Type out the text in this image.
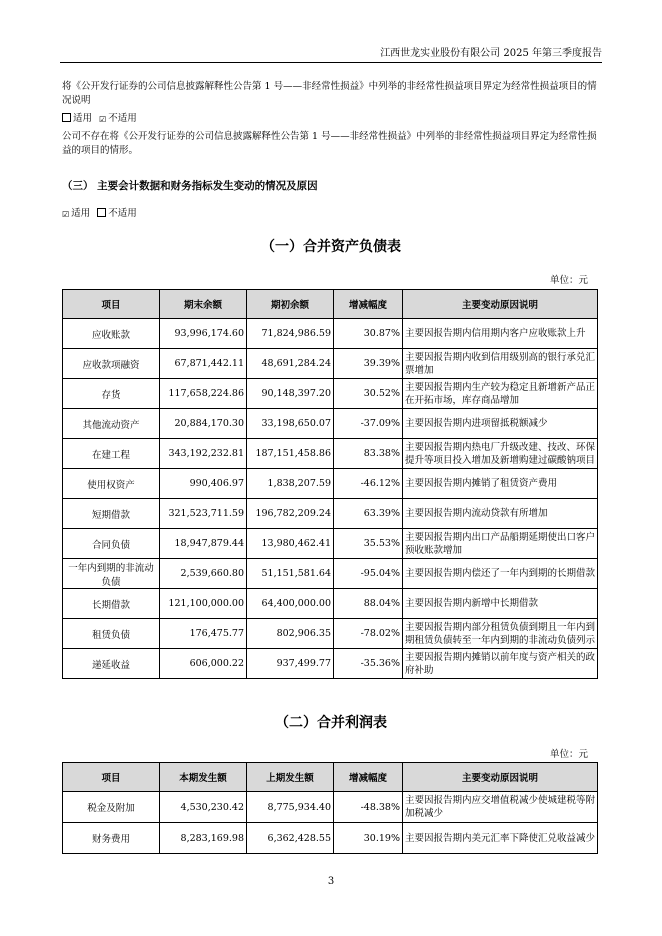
江西世龙实业股份有限公司 2025 年第三季度报告
将《公开发行证券的公司信息披露解释性公告第 1 号——非经常性损益》中列举的非经常性损益项目界定为经常性损益项目的情况说明
适用 ☑ 不适用
公司不存在将《公开发行证券的公司信息披露解释性公告第 1 号——非经常性损益》中列举的非经常性损益项目界定为经常性损益的项目的情形。
（三） 主要会计数据和财务指标发生变动的情况及原因
☑ 适用 不适用
（一）合并资产负债表
单位：元
项目	期末余额	期初余额	增减幅度	主要变动原因说明
应收账款	93,996,174.60	71,824,986.59	30.87%	主要因报告期内信用期内客户应收账款上升
应收款项融资	67,871,442.11	48,691,284.24	39.39%	主要因报告期内收到信用级别高的银行承兑汇票增加
存货	117,658,224.86	90,148,397.20	30.52%	主要因报告期内生产较为稳定且新增新产品正在开拓市场，库存商品增加
其他流动资产	20,884,170.30	33,198,650.07	-37.09%	主要因报告期内进项留抵税额减少
在建工程	343,192,232.81	187,151,458.86	83.38%	主要因报告期内热电厂升级改建、技改、环保提升等项目投入增加及新增购建过碳酸钠项目
使用权资产	990,406.97	1,838,207.59	-46.12%	主要因报告期内摊销了租赁资产费用
短期借款	321,523,711.59	196,782,209.24	63.39%	主要因报告期内流动贷款有所增加
合同负债	18,947,879.44	13,980,462.41	35.53%	主要因报告期内出口产品船期延期使出口客户预收账款增加
一年内到期的非流动负债	2,539,660.80	51,151,581.64	-95.04%	主要因报告期内偿还了一年内到期的长期借款
长期借款	121,100,000.00	64,400,000.00	88.04%	主要因报告期内新增中长期借款
租赁负债	176,475.77	802,906.35	-78.02%	主要因报告期内部分租赁负债到期且一年内到期租赁负债转至一年内到期的非流动负债列示
递延收益	606,000.22	937,499.77	-35.36%	主要因报告期内摊销以前年度与资产相关的政府补助
（二）合并利润表
单位：元
项目	本期发生额	上期发生额	增减幅度	主要变动原因说明
税金及附加	4,530,230.42	8,775,934.40	-48.38%	主要因报告期内应交增值税减少使城建税等附加税减少
财务费用	8,283,169.98	6,362,428.55	30.19%	主要因报告期内美元汇率下降使汇兑收益减少
3
